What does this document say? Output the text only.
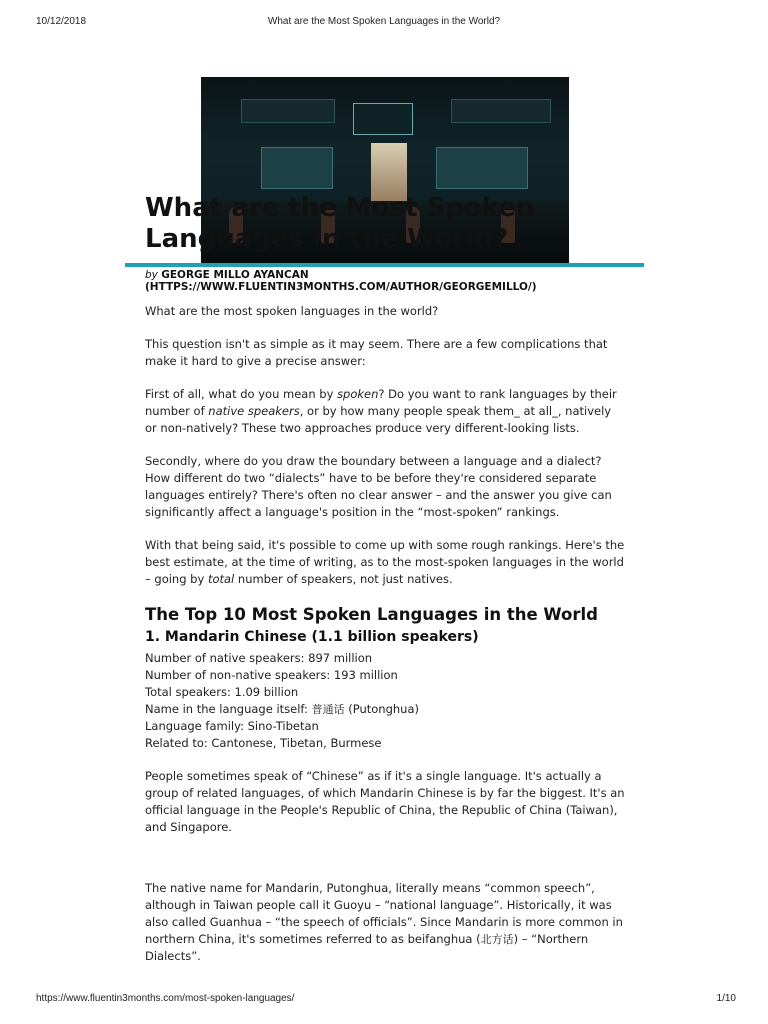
10/12/2018	What are the Most Spoken Languages in the World?
What are the Most Spoken Languages in the World?
by GEORGE MILLO AYANCAN (HTTPS://WWW.FLUENTIN3MONTHS.COM/AUTHOR/GEORGEMILLO/)

What are the most spoken languages in the world?

This question isn't as simple as it may seem. There are a few complications that make it hard to give a precise answer:

First of all, what do you mean by spoken? Do you want to rank languages by their number of native speakers, or by how many people speak them_ at all_, natively or non-natively? These two approaches produce very different-looking lists.

Secondly, where do you draw the boundary between a language and a dialect? How different do two “dialects” have to be before they're considered separate languages entirely? There's often no clear answer – and the answer you give can significantly affect a language's position in the “most-spoken” rankings.

With that being said, it's possible to come up with some rough rankings. Here's the best estimate, at the time of writing, as to the most-spoken languages in the world – going by total number of speakers, not just natives.

The Top 10 Most Spoken Languages in the World
1. Mandarin Chinese (1.1 billion speakers)
Number of native speakers: 897 million
Number of non-native speakers: 193 million
Total speakers: 1.09 billion
Name in the language itself: 普通话 (Putonghua)
Language family: Sino-Tibetan
Related to: Cantonese, Tibetan, Burmese

People sometimes speak of “Chinese” as if it's a single language. It's actually a group of related languages, of which Mandarin Chinese is by far the biggest. It's an official language in the People's Republic of China, the Republic of China (Taiwan), and Singapore.

The native name for Mandarin, Putonghua, literally means “common speech”, although in Taiwan people call it Guoyu – “national language”. Historically, it was also called Guanhua – “the speech of officials”. Since Mandarin is more common in northern China, it's sometimes referred to as beifanghua (北方话) – “Northern Dialects”.

https://www.fluentin3months.com/most-spoken-languages/	1/10
